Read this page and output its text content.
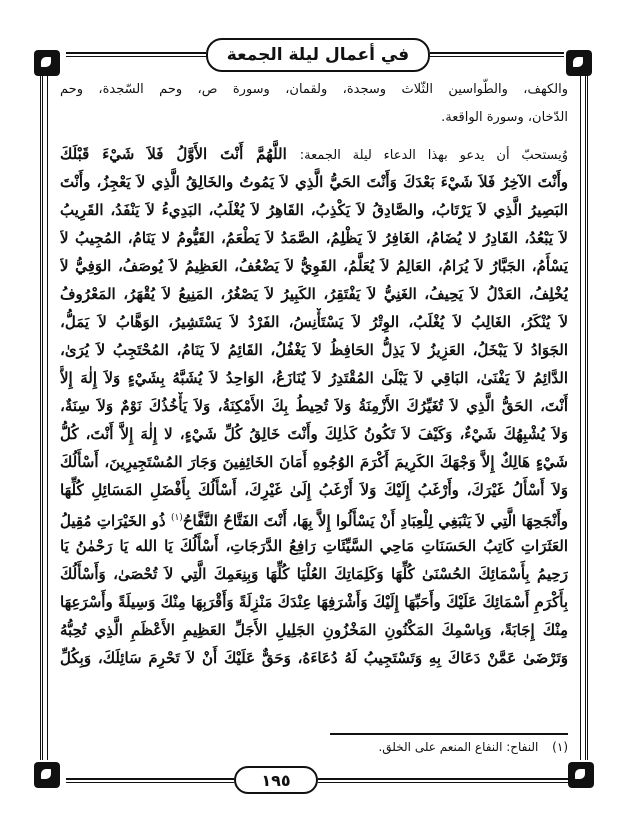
في أعمال ليلة الجمعة
والكهف، والطّواسين الثّلاث وسجدة، ولقمان، وسورة ص، وحم السّجدة، وحم
الدّخان، وسورة الواقعة.
وُيستحبّ أن يدعو بهذا الدعاء ليلة الجمعة: اللَّهُمَّ أَنْتَ الأَوَّلُ فَلاَ شَيْءَ قَبْلَكَ
وأَنْتَ الآخِرُ فَلاَ شَيْءَ بَعْدَكَ وَأَنْتَ الحَيُّ الَّذِي لاَ يَمُوتُ والخَالِقُ الَّذِي لاَ يَعْجِزُ، وأَنْتَ
البَصِيرُ الَّذِي لاَ يَرْتَابُ، والصَّادِقُ لاَ يَكْذِبُ، القَاهِرُ لاَ يُغْلَبُ، البَدِيءُ لاَ يَنْفَدُ، القَرِيبُ
لاَ يَبْعُدُ، القَادِرُ لا يُضَامُ، الغَافِرُ لاَ يَظْلِمُ، الصَّمَدُ لاَ يَطْعَمُ، القَيُّومُ لا يَنَامُ، المُجِيبُ لاَ
يَسْأَمُ، الجَبَّارُ لاَ يُرَامُ، العَالِمُ لاَ يُعَلَّمُ، القَوِيُّ لاَ يَضْعُفُ، العَظِيمُ لاَ يُوصَفُ، الوَفِيُّ لاَ
يُخْلِفُ، العَدْلُ لاَ يَحِيفُ، الغَنِيُّ لاَ يَفْتَقِرُ، الكَبِيرُ لاَ يَصْغُرُ، المَنِيعُ لاَ يُقْهَرُ، المَعْرُوفُ
لاَ يُنْكَرُ، الغَالِبُ لاَ يُغْلَبُ، الوِتْرُ لاَ يَسْتَأْنِسُ، الفَرْدُ لاَ يَسْتَشِيرُ، الوَهَّابُ لاَ يَمَلُّ،
الجَوَادُ لاَ يَبْخَلُ، العَزِيزُ لاَ يَذِلُّ الحَافِظُ لاَ يَغْفُلُ، القَائِمُ لاَ يَنَامُ، المُحْتَجِبُ لاَ يُرَىٰ،
الدَّائِمُ لاَ يَفْنَىٰ، البَاقِي لاَ يَبْلَىٰ المُقْتَدِرُ لاَ يُنَازَعُ، الوَاحِدُ لاَ يُشَبَّهُ بِشَيْءٍ وَلاَ إِلٰهَ إِلاَّ
أَنْتَ، الحَقُّ الَّذِي لاَ تُغَيِّرُكَ الأَزْمِنَةُ وَلاَ تُحِيطُ بِكَ الأَمْكِنَةُ، وَلاَ يَأْخُذُكَ نَوْمٌ وَلاَ سِنَةٌ،
وَلاَ يُشْبِهُكَ شَيْءٌ، وَكَيْفَ لاَ تَكُونُ كَذٰلِكَ وأَنْتَ خَالِقُ كُلِّ شَيْءٍ، لا إِلٰهَ إِلاَّ أَنْتَ، كُلُّ
شَيْءٍ هَالِكٌ إِلاَّ وَجْهَكَ الكَرِيمَ أَكْرَمَ الوُجُوهِ أَمَانَ الخَائِفِينَ وَجَارَ المُسْتَجِيرِينَ، أَسْأَلُكَ
وَلاَ أَسْأَلُ غَيْرَكَ، وأَرْغَبُ إِلَيْكَ وَلاَ أَرْغَبُ إِلَىٰ غَيْرِكَ، أَسْأَلُكَ بِأَفْضَلِ المَسَائِلِ كُلِّهَا
وأَنْجَحِهَا الَّتِي لاَ يَنْبَغِي لِلْعِبَادِ أَنْ يَسْأَلُوا إِلاَّ بِهَا، أَنْتَ الفَتَّاحُ النَّفَّاحُ$^{(١)}$ ذُو الخَيْرَاتِ مُقِيلُ
العَثَرَاتِ كَاتِبُ الحَسَنَاتِ مَاحِي السَّيِّئَاتِ رَافِعُ الدَّرَجَاتِ، أَسْأَلُكَ يَا الله يَا رَحْمٰنُ يَا
رَحِيمُ بِأَسْمَائِكَ الحُسْنَىٰ كُلِّهَا وَكَلِمَاتِكَ العُلْيَا كُلِّهَا وَبِنِعَمِكَ الَّتِي لاَ تُحْصَىٰ، وَأَسْأَلُكَ
بِأَكْرَمِ أَسْمَائِكَ عَلَيْكَ وأَحَبِّهَا إِلَيْكَ وَأَشْرَفِهَا عِنْدَكَ مَنْزِلَةً وَأَقْرَبِهَا مِنْكَ وَسِيلَةً وأَسْرَعِهَا
مِنْكَ إِجَابَةً، وَبِاسْمِكَ المَكْنُونِ المَخْزُونِ الجَلِيلِ الأَجَلِّ العَظِيمِ الأَعْظَمِ الَّذِي تُحِبُّهُ
وَتَرْضَىٰ عَمَّنْ دَعَاكَ بِهِ وَتَسْتَجِيبُ لَهُ دُعَاءَهُ، وَحَقٌّ عَلَيْكَ أَنْ لاَ تَحْرِمَ سَائِلَكَ، وَبِكُلِّ
(١) النفاح: النفاع المنعم على الخلق.
١٩٥
